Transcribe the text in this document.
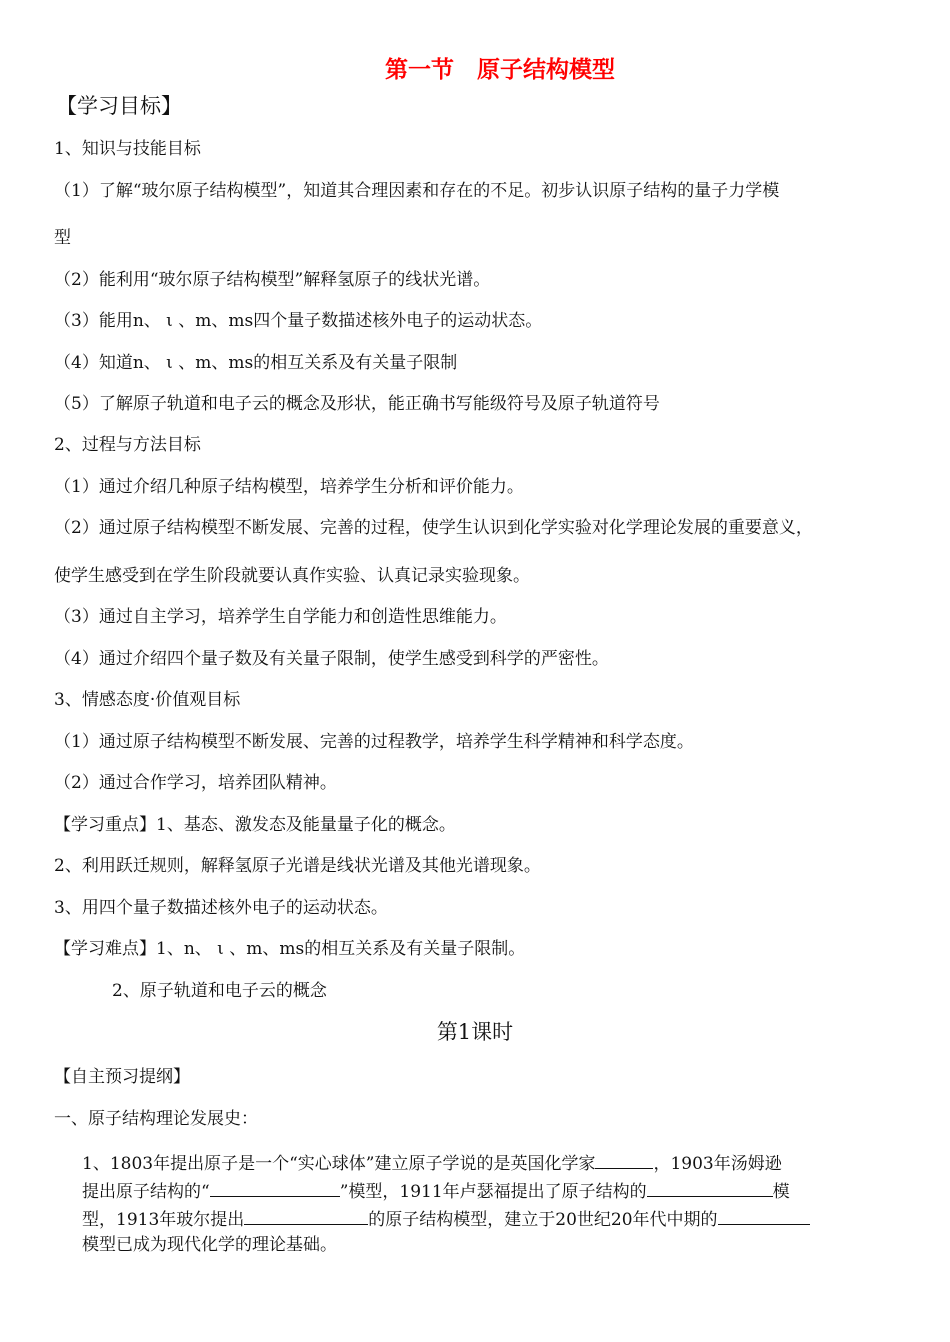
第一节　原子结构模型
【学习目标】
1、知识与技能目标
（1）了解“玻尔原子结构模型”，知道其合理因素和存在的不足。初步认识原子结构的量子力学模
型
（2）能利用“玻尔原子结构模型”解释氢原子的线状光谱。
（3）能用n、 ι 、m、ms四个量子数描述核外电子的运动状态。
（4）知道n、 ι 、m、ms的相互关系及有关量子限制
（5）了解原子轨道和电子云的概念及形状，能正确书写能级符号及原子轨道符号
2、过程与方法目标
（1）通过介绍几种原子结构模型，培养学生分析和评价能力。
（2）通过原子结构模型不断发展、完善的过程，使学生认识到化学实验对化学理论发展的重要意义，
使学生感受到在学生阶段就要认真作实验、认真记录实验现象。
（3）通过自主学习，培养学生自学能力和创造性思维能力。
（4）通过介绍四个量子数及有关量子限制，使学生感受到科学的严密性。
3、情感态度·价值观目标
（1）通过原子结构模型不断发展、完善的过程教学，培养学生科学精神和科学态度。
（2）通过合作学习，培养团队精神。
【学习重点】1、基态、激发态及能量量子化的概念。
2、利用跃迁规则，解释氢原子光谱是线状光谱及其他光谱现象。
3、用四个量子数描述核外电子的运动状态。
【学习难点】1、n、 ι 、m、ms的相互关系及有关量子限制。
2、原子轨道和电子云的概念
第1课时
【自主预习提纲】
一、原子结构理论发展史：
1、1803年提出原子是一个“实心球体”建立原子学说的是英国化学家	，1903年汤姆逊
提出原子结构的“	”模型，1911年卢瑟福提出了原子结构的	模
型，1913年玻尔提出	的原子结构模型，建立于20世纪20年代中期的
模型已成为现代化学的理论基础。
